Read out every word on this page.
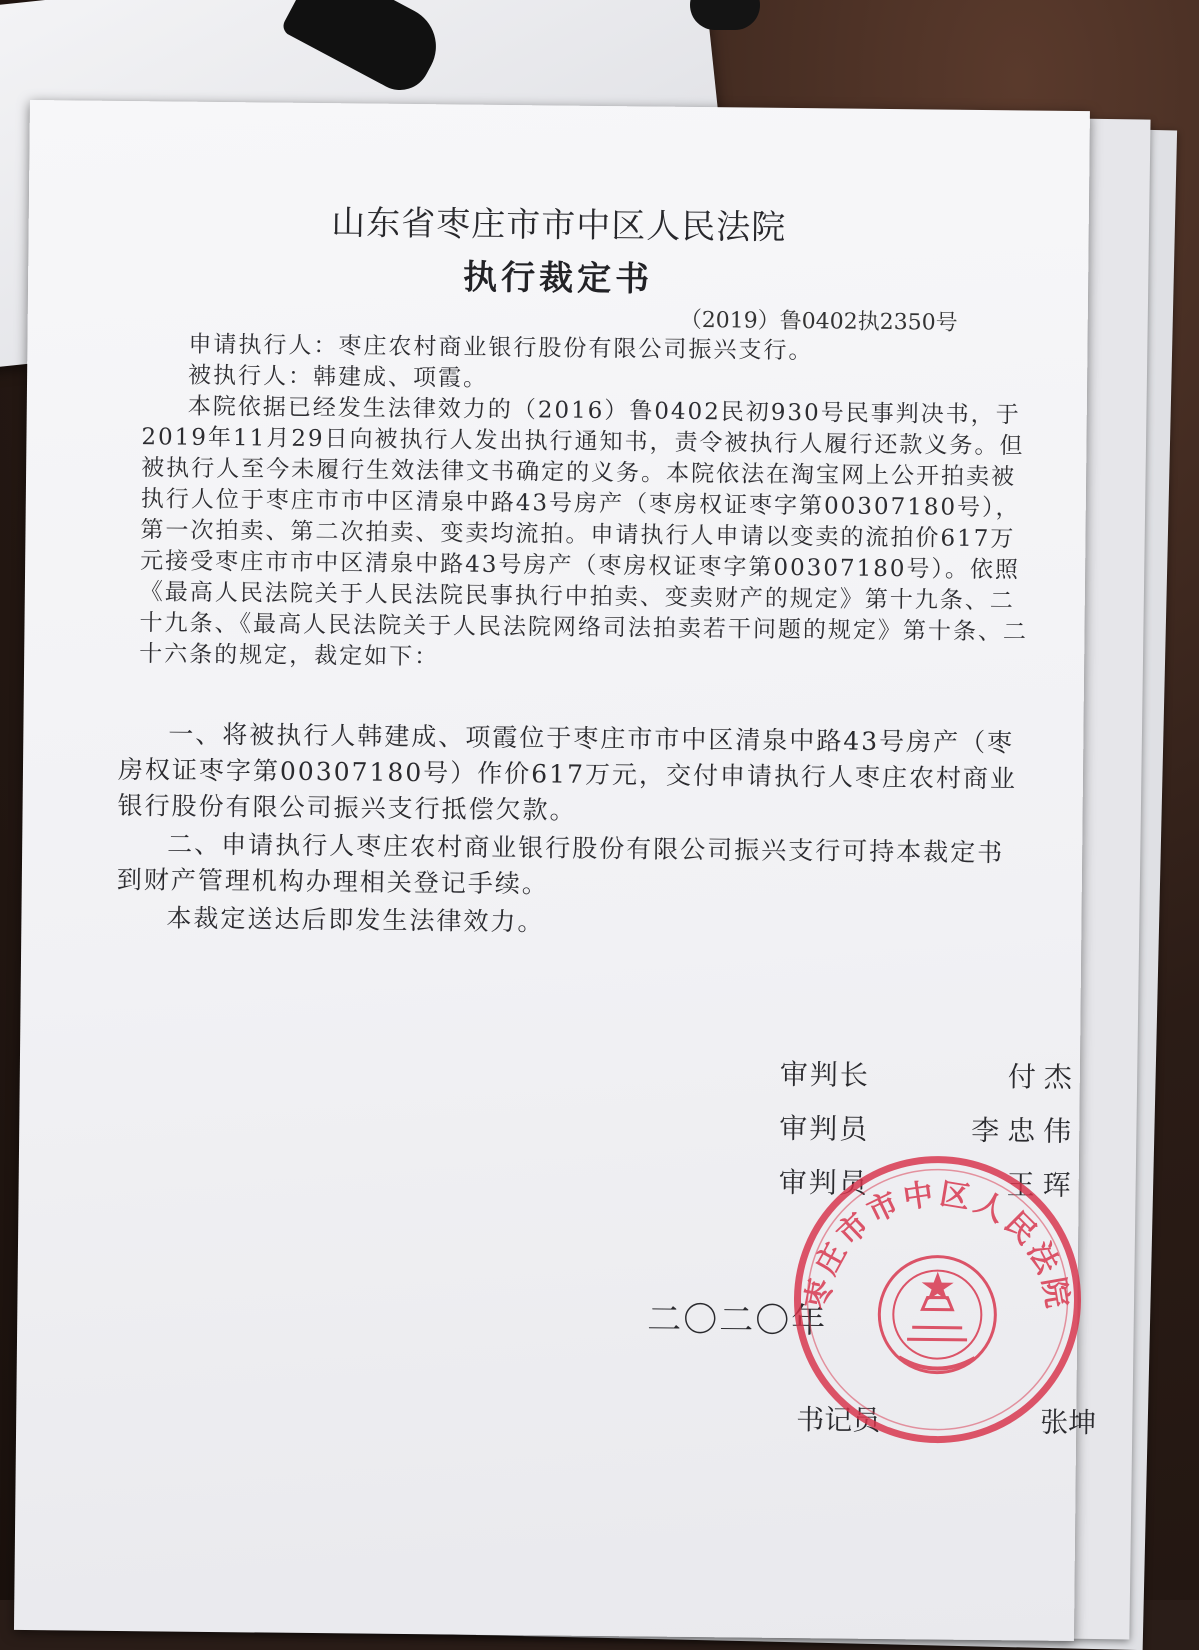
山东省枣庄市市中区人民法院
执行裁定书
（2019）鲁0402执2350号

申请执行人：枣庄农村商业银行股份有限公司振兴支行。

被执行人：韩建成、项霞。

本院依据已经发生法律效力的（2016）鲁0402民初930号民事判决书，于2019年11月29日向被执行人发出执行通知书，责令被执行人履行还款义务。但被执行人至今未履行生效法律文书确定的义务。本院依法在淘宝网上公开拍卖被执行人位于枣庄市市中区清泉中路43号房产（枣房权证枣字第00307180号），第一次拍卖、第二次拍卖、变卖均流拍。申请执行人申请以变卖的流拍价617万元接受枣庄市市中区清泉中路43号房产（枣房权证枣字第00307180号）。依照《最高人民法院关于人民法院民事执行中拍卖、变卖财产的规定》第十九条、二十九条、《最高人民法院关于人民法院网络司法拍卖若干问题的规定》第十条、二十六条的规定，裁定如下：

一、将被执行人韩建成、项霞位于枣庄市市中区清泉中路43号房产（枣房权证枣字第00307180号）作价617万元，交付申请执行人枣庄农村商业银行股份有限公司振兴支行抵偿欠款。

二、申请执行人枣庄农村商业银行股份有限公司振兴支行可持本裁定书到财产管理机构办理相关登记手续。

本裁定送达后即发生法律效力。

审判长	付杰
审判员	李忠伟
审判员	王珲
二〇二〇年
书记员	张坤
枣庄市市中区人民法院
